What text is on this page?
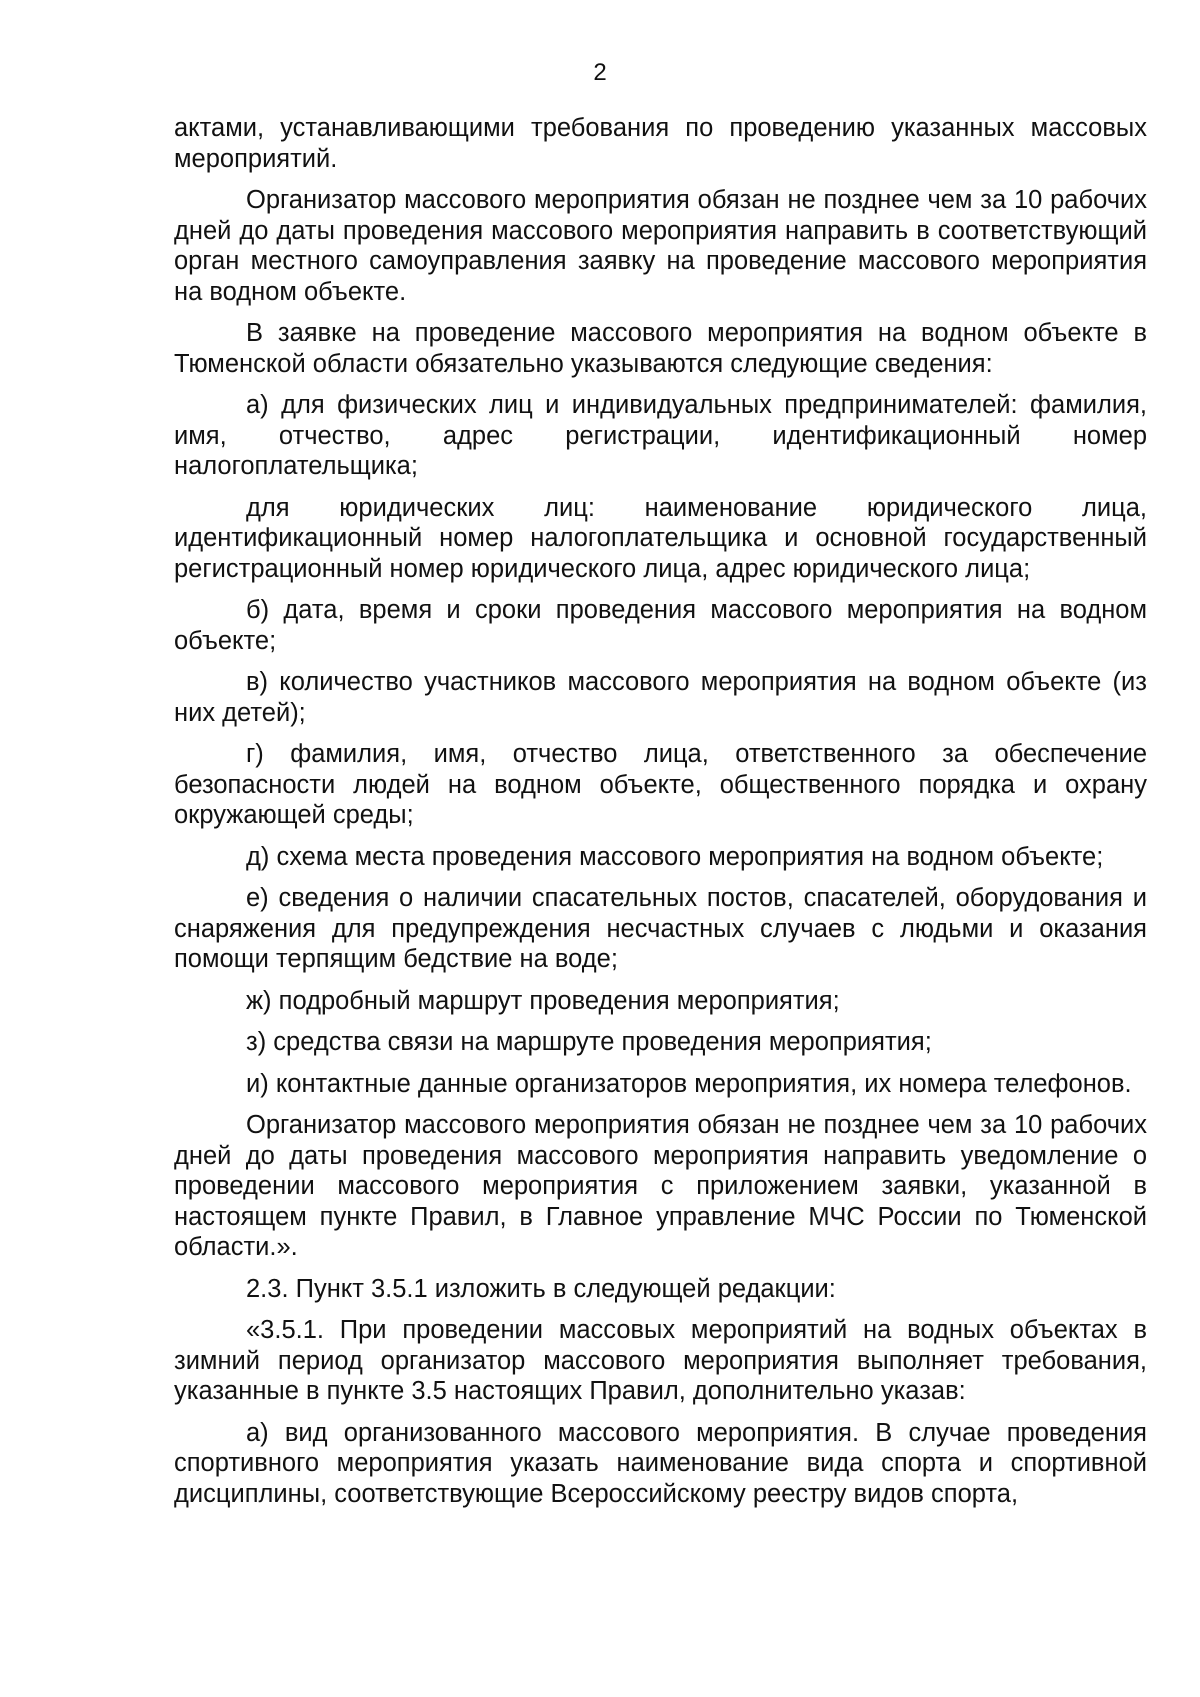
2

актами, устанавливающими требования по проведению указанных массовых мероприятий.

Организатор массового мероприятия обязан не позднее чем за 10 рабочих дней до даты проведения массового мероприятия направить в соответствующий орган местного самоуправления заявку на проведение массового мероприятия на водном объекте.

В заявке на проведение массового мероприятия на водном объекте в Тюменской области обязательно указываются следующие сведения:

а) для физических лиц и индивидуальных предпринимателей: фамилия, имя, отчество, адрес регистрации, идентификационный номер налогоплательщика;

для юридических лиц: наименование юридического лица, идентификационный номер налогоплательщика и основной государственный регистрационный номер юридического лица, адрес юридического лица;

б) дата, время и сроки проведения массового мероприятия на водном объекте;

в) количество участников массового мероприятия на водном объекте (из них детей);

г) фамилия, имя, отчество лица, ответственного за обеспечение безопасности людей на водном объекте, общественного порядка и охрану окружающей среды;

д) схема места проведения массового мероприятия на водном объекте;

е) сведения о наличии спасательных постов, спасателей, оборудования и снаряжения для предупреждения несчастных случаев с людьми и оказания помощи терпящим бедствие на воде;

ж) подробный маршрут проведения мероприятия;

з) средства связи на маршруте проведения мероприятия;

и) контактные данные организаторов мероприятия, их номера телефонов.

Организатор массового мероприятия обязан не позднее чем за 10 рабочих дней до даты проведения массового мероприятия направить уведомление о проведении массового мероприятия с приложением заявки, указанной в настоящем пункте Правил, в Главное управление МЧС России по Тюменской области.».

2.3. Пункт 3.5.1 изложить в следующей редакции:

«3.5.1. При проведении массовых мероприятий на водных объектах в зимний период организатор массового мероприятия выполняет требования, указанные в пункте 3.5 настоящих Правил, дополнительно указав:

а) вид организованного массового мероприятия. В случае проведения спортивного мероприятия указать наименование вида спорта и спортивной дисциплины, соответствующие Всероссийскому реестру видов спорта,
